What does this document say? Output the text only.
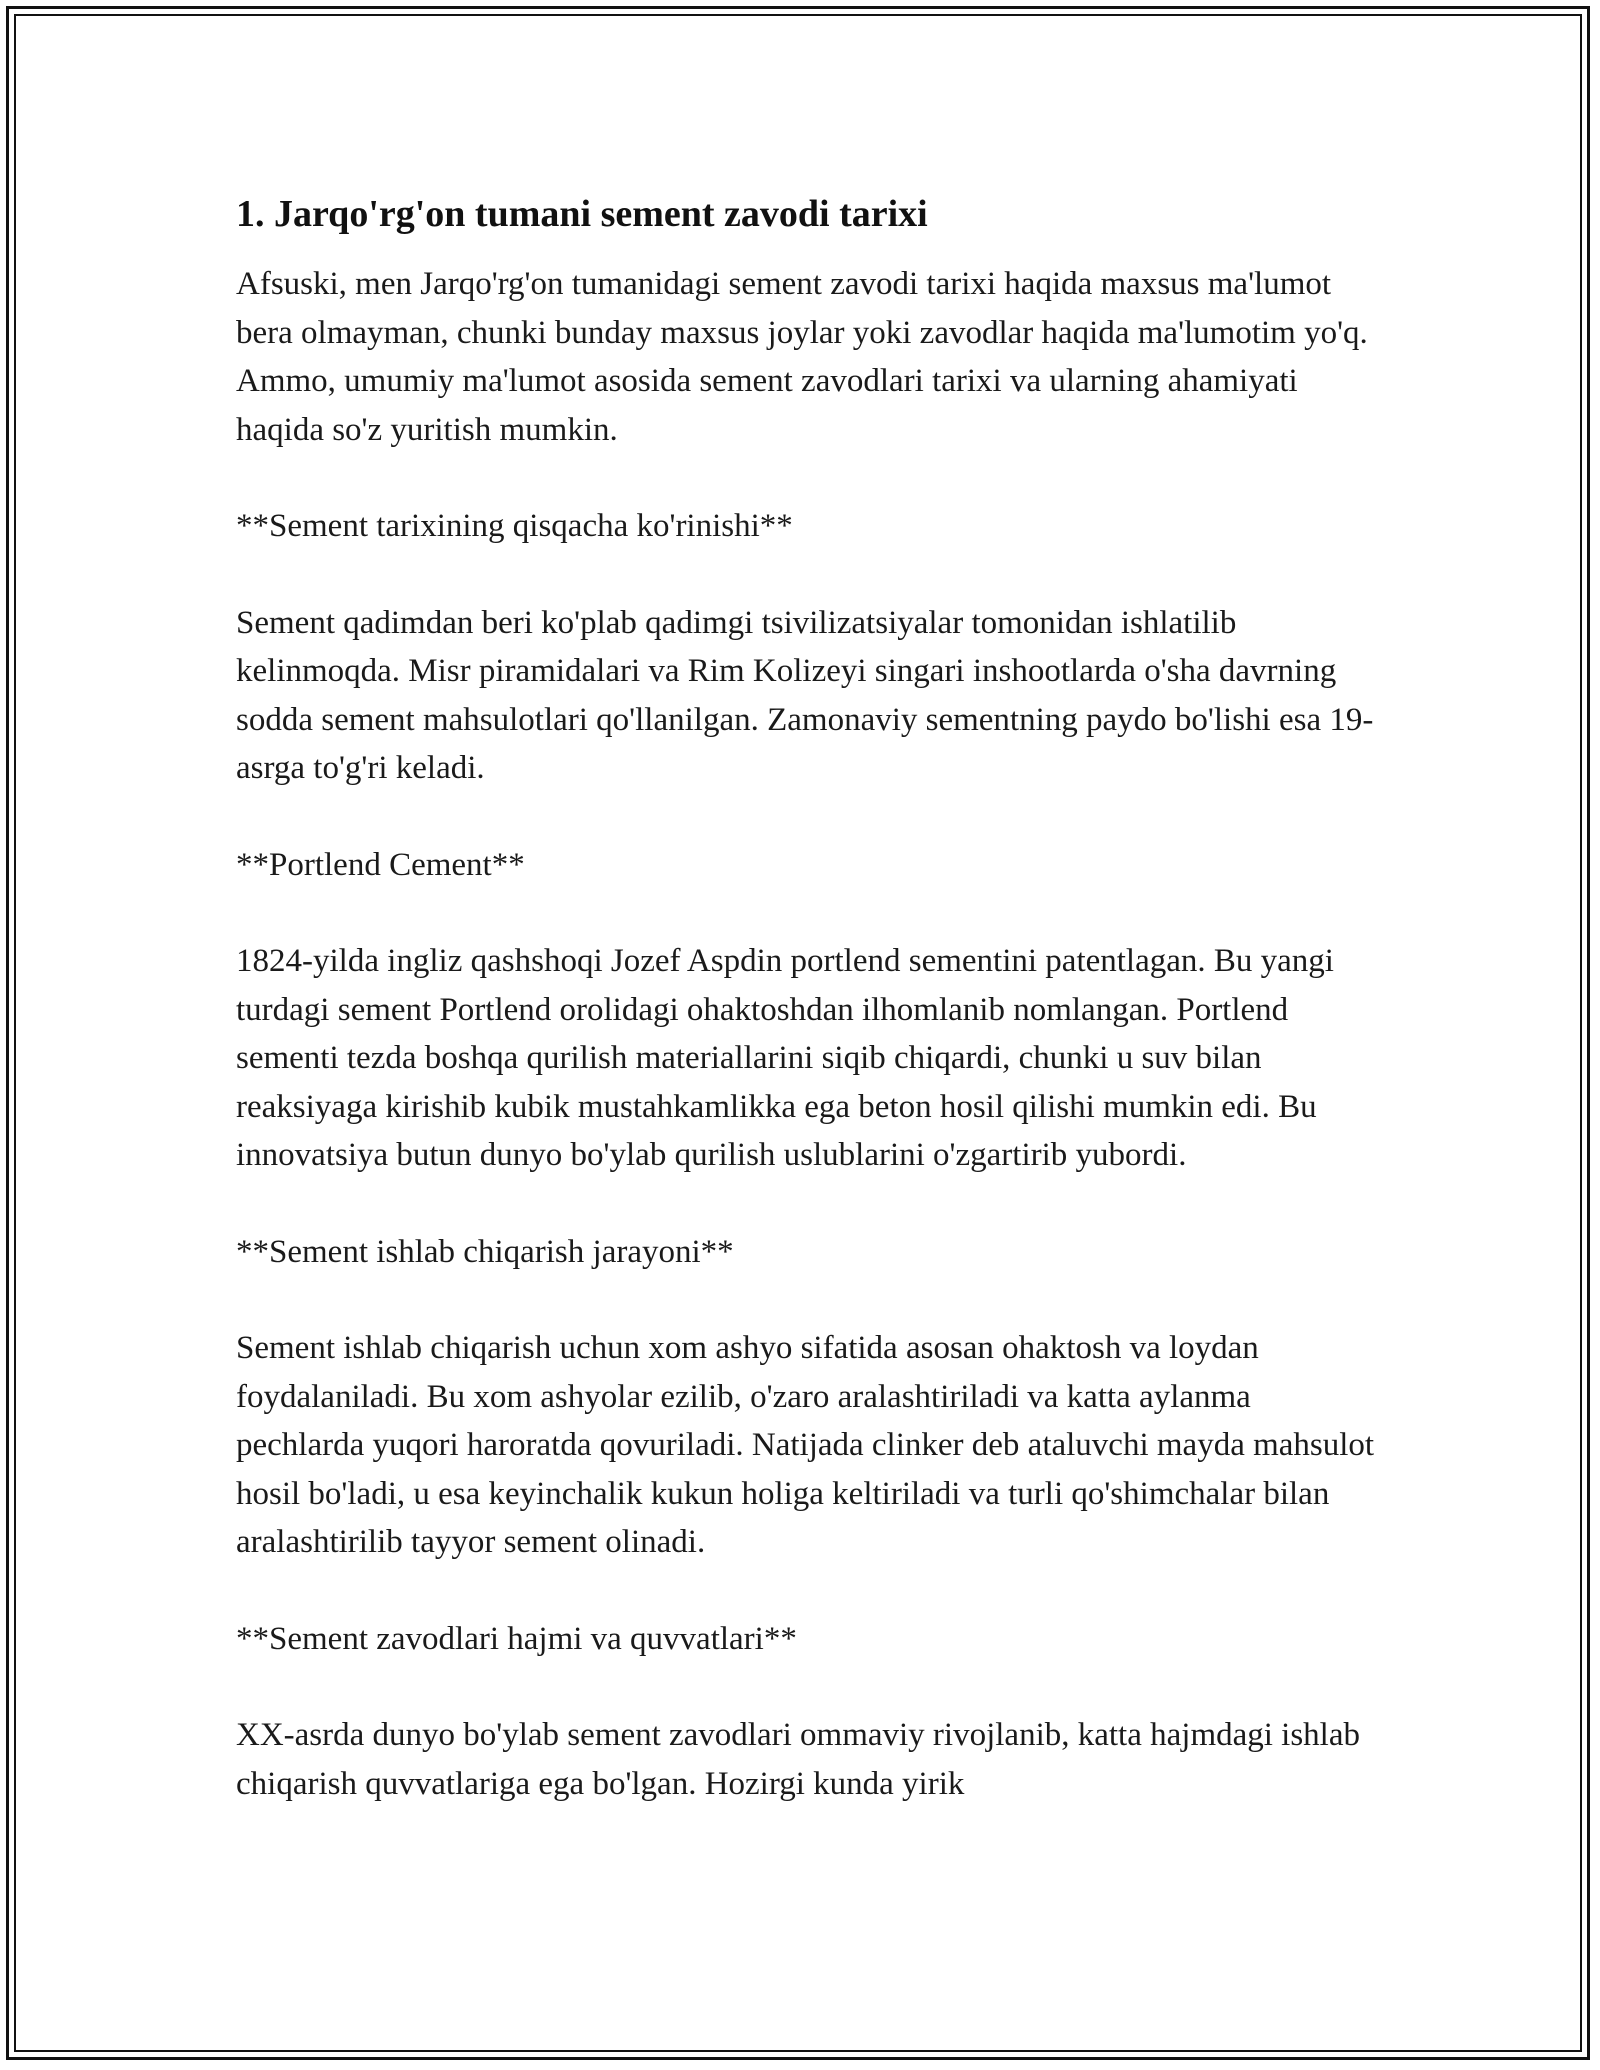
1. Jarqo'rg'on tumani sement zavodi tarixi

Afsuski, men Jarqo'rg'on tumanidagi sement zavodi tarixi haqida maxsus ma'lumot bera olmayman, chunki bunday maxsus joylar yoki zavodlar haqida ma'lumotim yo'q. Ammo, umumiy ma'lumot asosida sement zavodlari tarixi va ularning ahamiyati haqida so'z yuritish mumkin.

**Sement tarixining qisqacha ko'rinishi**

Sement qadimdan beri ko'plab qadimgi tsivilizatsiyalar tomonidan ishlatilib kelinmoqda. Misr piramidalari va Rim Kolizeyi singari inshootlarda o'sha davrning sodda sement mahsulotlari qo'llanilgan. Zamonaviy sementning paydo bo'lishi esa 19-asrga to'g'ri keladi.

**Portlend Cement**

1824-yilda ingliz qashshoqi Jozef Aspdin portlend sementini patentlagan. Bu yangi turdagi sement Portlend orolidagi ohaktoshdan ilhomlanib nomlangan. Portlend sementi tezda boshqa qurilish materiallarini siqib chiqardi, chunki u suv bilan reaksiyaga kirishib kubik mustahkamlikka ega beton hosil qilishi mumkin edi. Bu innovatsiya butun dunyo bo'ylab qurilish uslublarini o'zgartirib yubordi.

**Sement ishlab chiqarish jarayoni**

Sement ishlab chiqarish uchun xom ashyo sifatida asosan ohaktosh va loydan foydalaniladi. Bu xom ashyolar ezilib, o'zaro aralashtiriladi va katta aylanma pechlarda yuqori haroratda qovuriladi. Natijada clinker deb ataluvchi mayda mahsulot hosil bo'ladi, u esa keyinchalik kukun holiga keltiriladi va turli qo'shimchalar bilan aralashtirilib tayyor sement olinadi.

**Sement zavodlari hajmi va quvvatlari**

XX-asrda dunyo bo'ylab sement zavodlari ommaviy rivojlanib, katta hajmdagi ishlab chiqarish quvvatlariga ega bo'lgan. Hozirgi kunda yirik
